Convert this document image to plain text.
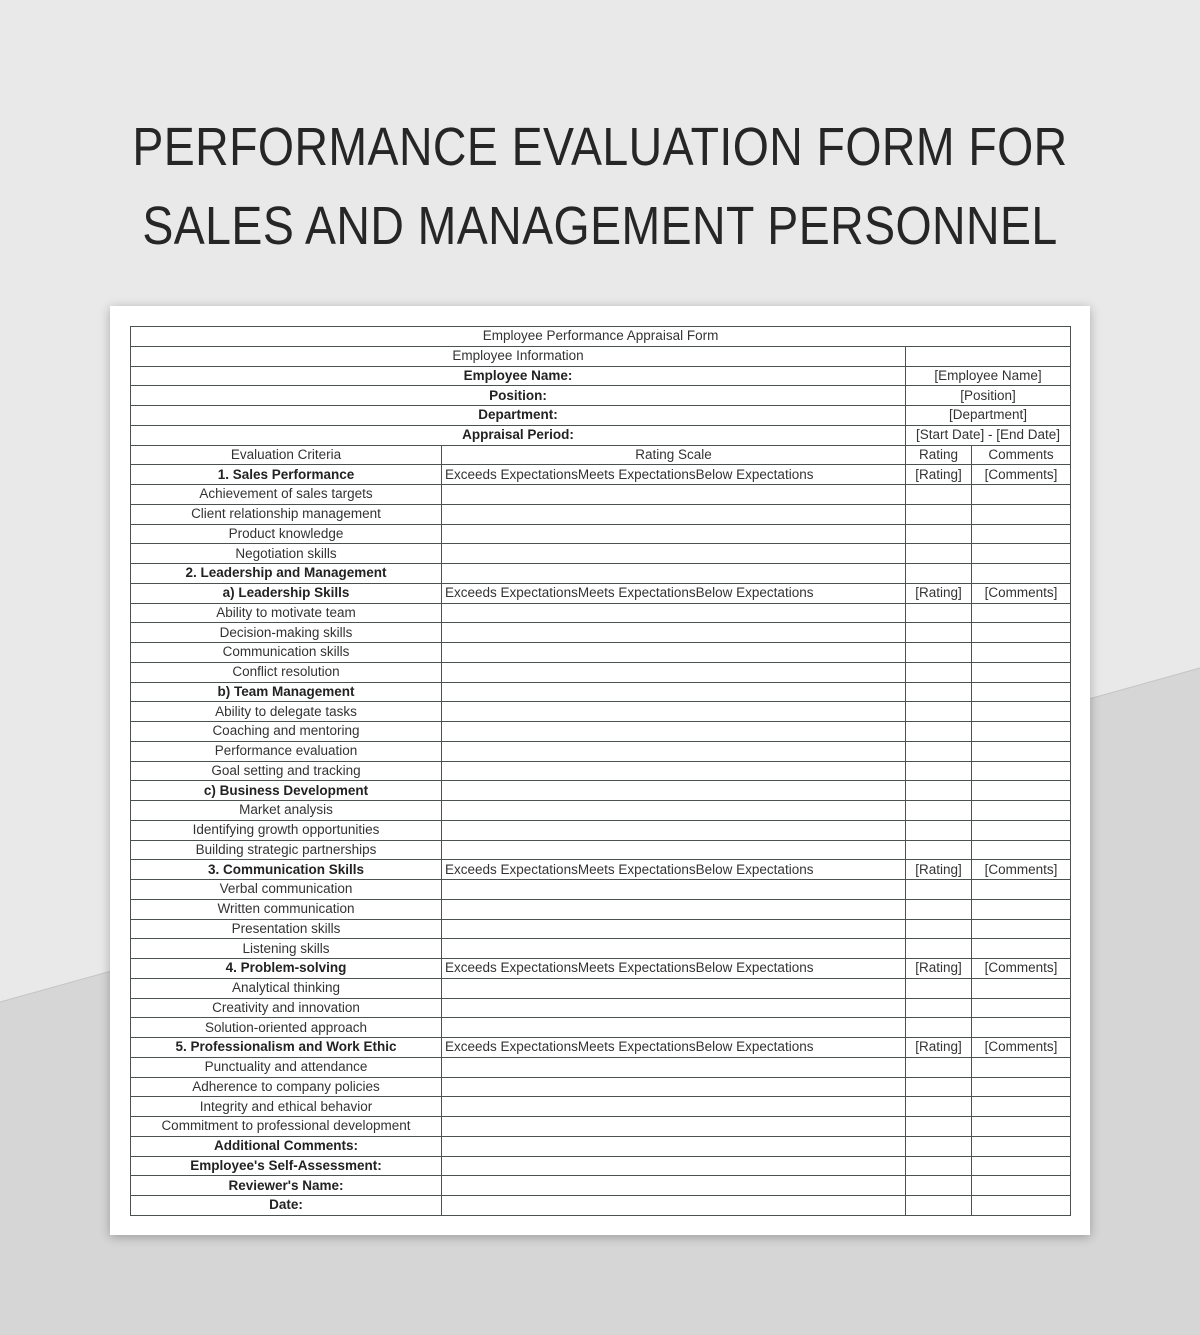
PERFORMANCE EVALUATION FORM FOR
SALES AND MANAGEMENT PERSONNEL
Employee Performance Appraisal Form			
Employee Information			
Employee Name:		[Employee Name]	
Position:		[Position]	
Department:		[Department]	
Appraisal Period:		[Start Date] - [End Date]	
Evaluation Criteria	Rating Scale	Rating	Comments
1. Sales Performance	Exceeds ExpectationsMeets ExpectationsBelow Expectations	[Rating]	[Comments]
Achievement of sales targets			
Client relationship management			
Product knowledge			
Negotiation skills			
2. Leadership and Management			
a) Leadership Skills	Exceeds ExpectationsMeets ExpectationsBelow Expectations	[Rating]	[Comments]
Ability to motivate team			
Decision-making skills			
Communication skills			
Conflict resolution			
b) Team Management			
Ability to delegate tasks			
Coaching and mentoring			
Performance evaluation			
Goal setting and tracking			
c) Business Development			
Market analysis			
Identifying growth opportunities			
Building strategic partnerships			
3. Communication Skills	Exceeds ExpectationsMeets ExpectationsBelow Expectations	[Rating]	[Comments]
Verbal communication			
Written communication			
Presentation skills			
Listening skills			
4. Problem-solving	Exceeds ExpectationsMeets ExpectationsBelow Expectations	[Rating]	[Comments]
Analytical thinking			
Creativity and innovation			
Solution-oriented approach			
5. Professionalism and Work Ethic	Exceeds ExpectationsMeets ExpectationsBelow Expectations	[Rating]	[Comments]
Punctuality and attendance			
Adherence to company policies			
Integrity and ethical behavior			
Commitment to professional development			
Additional Comments:			
Employee's Self-Assessment:			
Reviewer's Name:			
Date:			
